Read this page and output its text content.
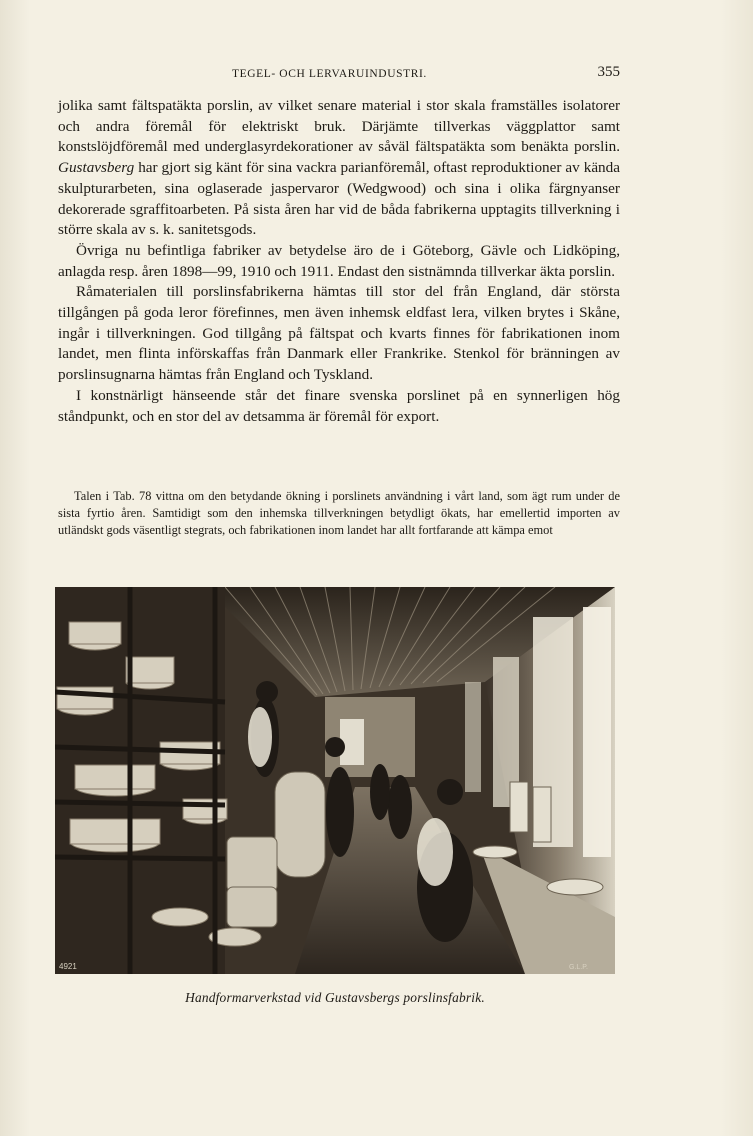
TEGEL- OCH LERVARUINDUSTRI.	355

jolika samt fältspatäkta porslin, av vilket senare material i stor skala framställes isolatorer och andra föremål för elektriskt bruk. Därjämte tillverkas väggplattor samt konstslöjdföremål med underglasyrdekorationer av såväl fältspatäkta som benäkta porslin. Gustavsberg har gjort sig känt för sina vackra parianföremål, oftast reproduktioner av kända skulpturarbeten, sina oglaserade jaspervaror (Wedgwood) och sina i olika färgnyanser dekorerade sgraffitoarbeten. På sista åren har vid de båda fabrikerna upptagits tillverkning i större skala av s. k. sanitetsgods.

Övriga nu befintliga fabriker av betydelse äro de i Göteborg, Gävle och Lidköping, anlagda resp. åren 1898—99, 1910 och 1911. Endast den sistnämnda tillverkar äkta porslin.

Råmaterialen till porslinsfabrikerna hämtas till stor del från England, där största tillgången på goda leror förefinnes, men även inhemsk eldfast lera, vilken brytes i Skåne, ingår i tillverkningen. God tillgång på fältspat och kvarts finnes för fabrikationen inom landet, men flinta införskaffas från Danmark eller Frankrike. Stenkol för bränningen av porslinsugnarna hämtas från England och Tyskland.

I konstnärligt hänseende står det finare svenska porslinet på en synnerligen hög ståndpunkt, och en stor del av detsamma är föremål för export.

Talen i Tab. 78 vittna om den betydande ökning i porslinets användning i vårt land, som ägt rum under de sista fyrtio åren. Samtidigt som den inhemska tillverkningen betydligt ökats, har emellertid importen av utländskt gods väsentligt stegrats, och fabrikationen inom landet har allt fortfarande att kämpa emot

4921	G.L.P.
Handformarverkstad vid Gustavsbergs porslinsfabrik.
